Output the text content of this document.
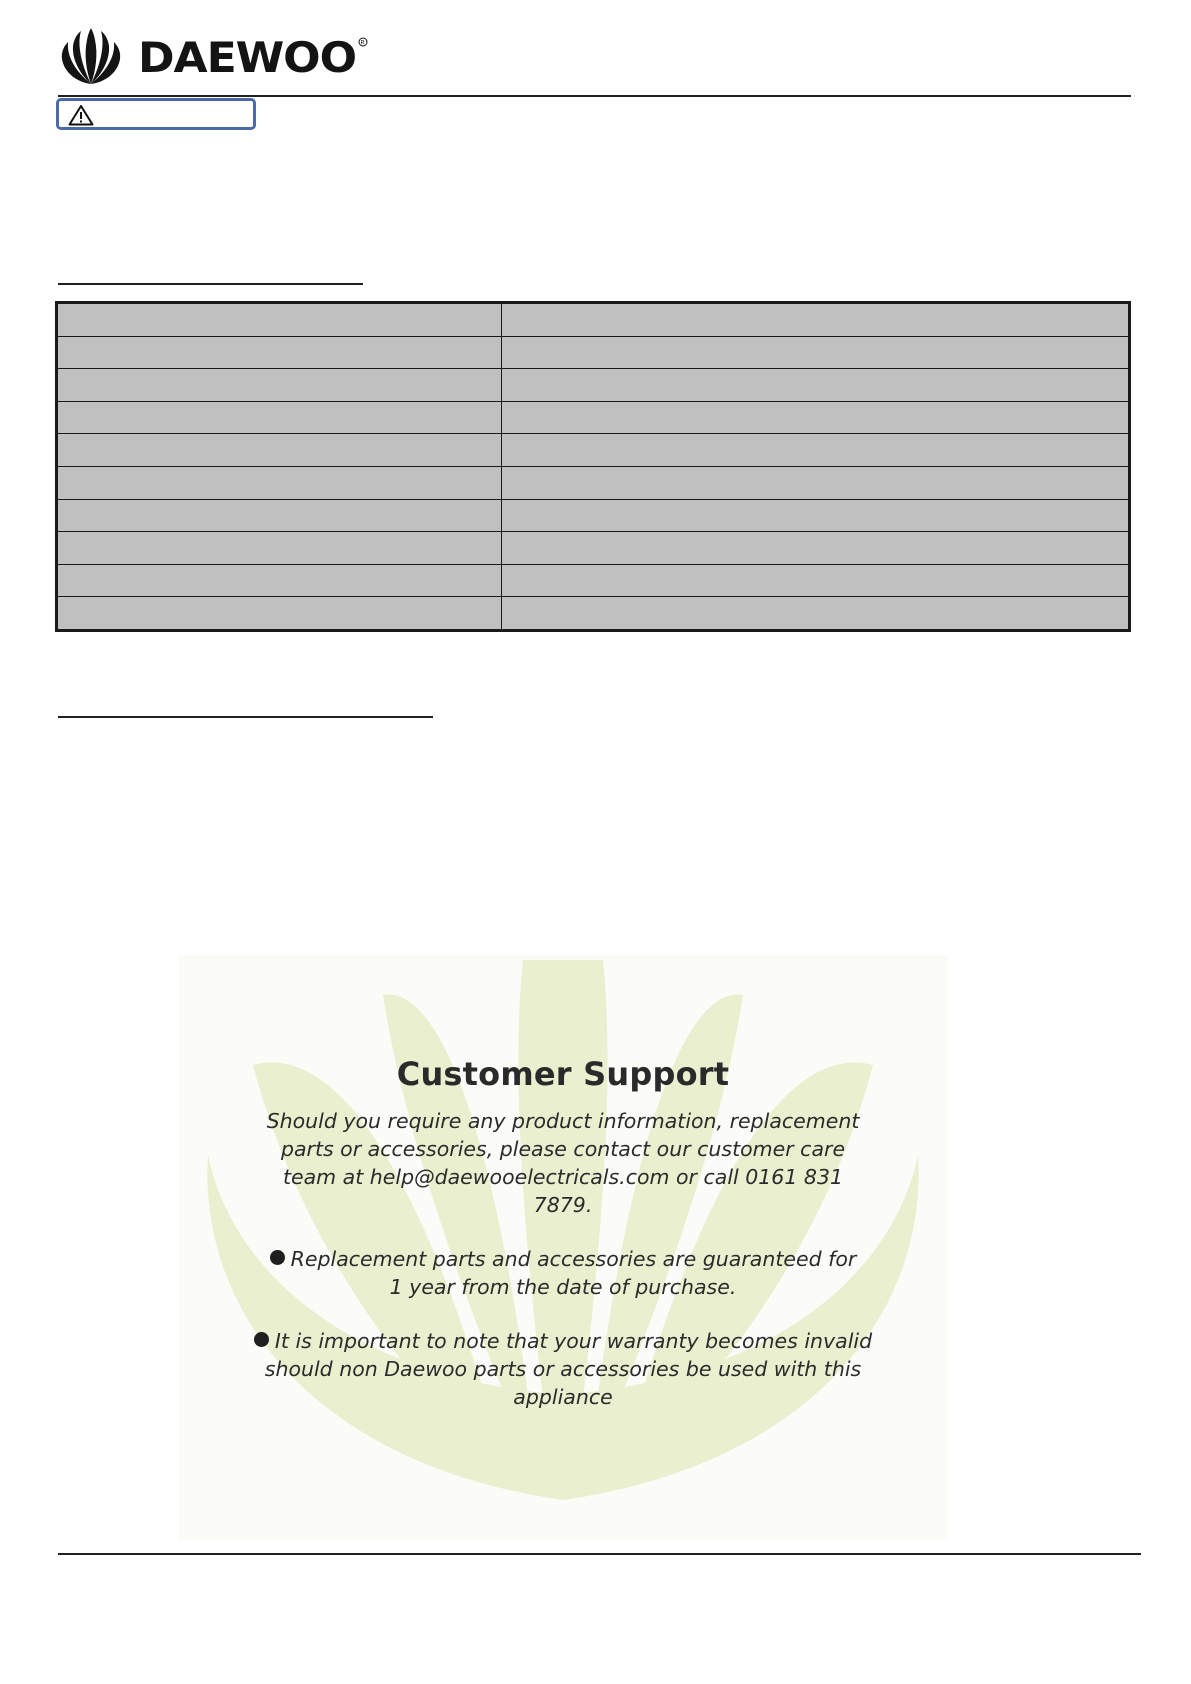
DAEWOO R

Customer Support

Should you require any product information, replacement parts or accessories, please contact our customer care team at help@daewooelectricals.com or call 0161 831 7879.

Replacement parts and accessories are guaranteed for 1 year from the date of purchase.

It is important to note that your warranty becomes invalid should non Daewoo parts or accessories be used with this appliance
